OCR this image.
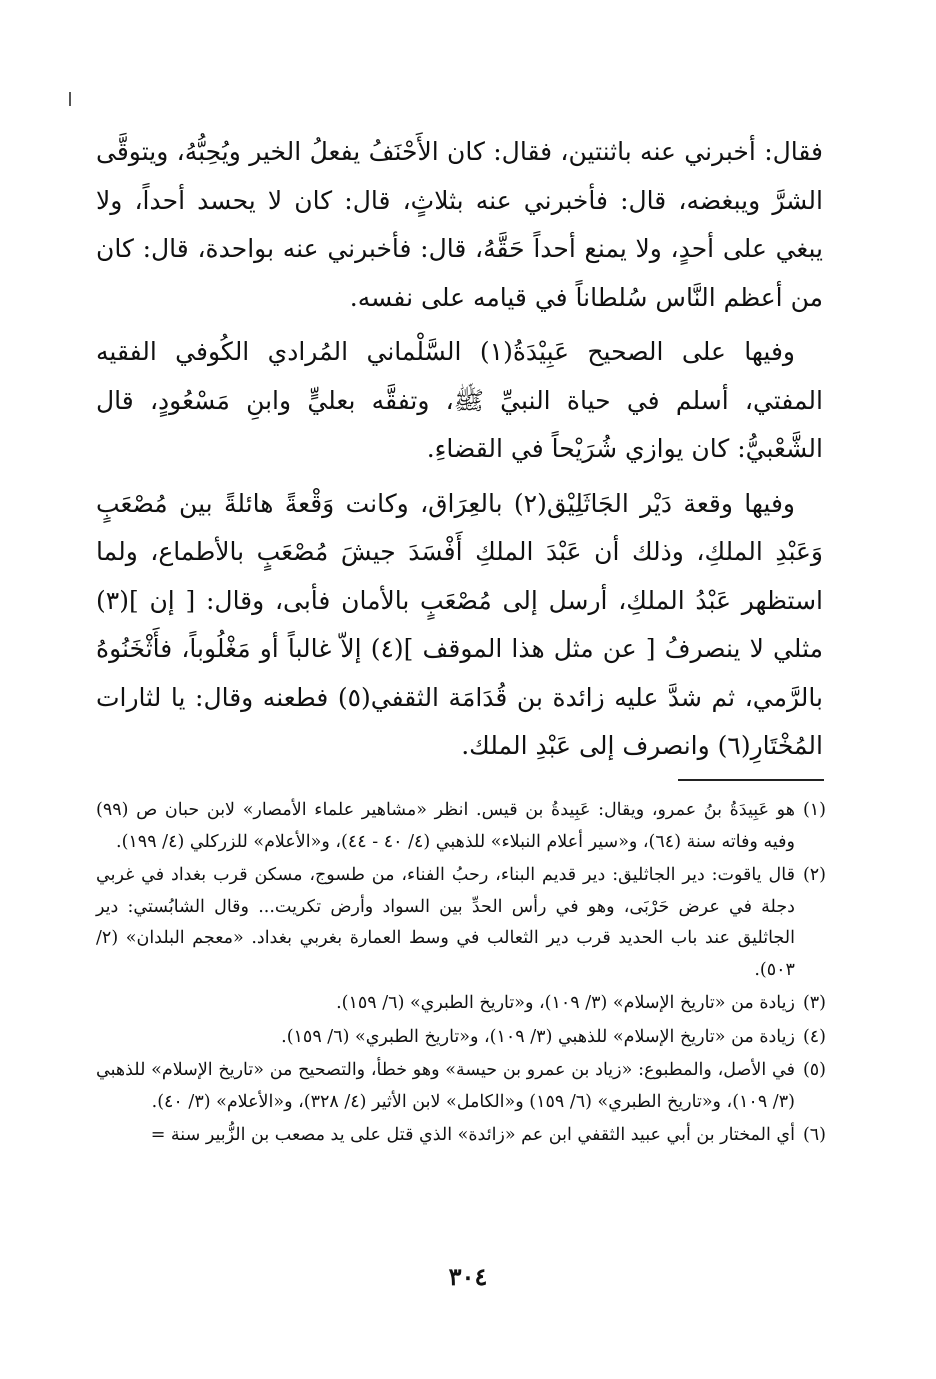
فقال: أخبرني عنه باثنتين، فقال: كان الأَحْنَفُ يفعلُ الخير ويُحِبُّهُ، ويتوقَّى الشرَّ ويبغضه، قال: فأخبرني عنه بثلاثٍ، قال: كان لا يحسد أحداً، ولا يبغي على أحدٍ، ولا يمنع أحداً حَقَّهُ، قال: فأخبرني عنه بواحدة، قال: كان من أعظم النَّاس سُلطاناً في قيامه على نفسه.

وفيها على الصحيح عَبِيْدَةُ(١) السَّلْماني المُرادي الكُوفي الفقيه المفتي، أسلم في حياة النبيِّ ﷺ، وتفقَّه بعليٍّ وابنِ مَسْعُودٍ، قال الشَّعْبيُّ: كان يوازي شُرَيْحاً في القضاءِ.

وفيها وقعة دَيْر الجَاثَلِيْق(٢) بالعِرَاق، وكانت وَقْعةً هائلةً بين مُصْعَبٍ وَعَبْدِ الملكِ، وذلك أن عَبْدَ الملكِ أَفْسَدَ جيشَ مُصْعَبٍ بالأطماع، ولما استظهر عَبْدُ الملكِ، أرسل إلى مُصْعَبٍ بالأمان فأبى، وقال: [ إن ](٣) مثلي لا ينصرفُ [ عن مثل هذا الموقف ](٤) إلاّ غالباً أو مَغْلُوباً، فأَثْخَنُوهُ بالرَّمي، ثم شدَّ عليه زائدة بن قُدَامَة الثقفي(٥) فطعنه وقال: يا لثارات المُخْتَارِ(٦) وانصرف إلى عَبْدِ الملك.

(١)
هو عَبِيدَةُ بنُ عمرو، ويقال: عَبِيدةُ بن قيس. انظر «مشاهير علماء الأمصار» لابن حبان ص (٩٩) وفيه وفاته سنة (٦٤)، و«سير أعلام النبلاء» للذهبي (٤/ ٤٠ - ٤٤)، و«الأعلام» للزركلي (٤/ ١٩٩).
(٢)
قال ياقوت: دير الجاثليق: دير قديم البناء، رحبُ الفناء، من طسوج، مسكن قرب بغداد في غربي دجلة في عرض حَرْبَى، وهو في رأس الحدِّ بين السواد وأرض تكريت... وقال الشابُستي: دير الجاثليق عند باب الحديد قرب دير الثعالب في وسط العمارة بغربي بغداد. «معجم البلدان» (٢/ ٥٠٣).
(٣)
زيادة من «تاريخ الإسلام» (٣/ ١٠٩)، و«تاريخ الطبري» (٦/ ١٥٩).
(٤)
زيادة من «تاريخ الإسلام» للذهبي (٣/ ١٠٩)، و«تاريخ الطبري» (٦/ ١٥٩).
(٥)
في الأصل، والمطبوع: «زياد بن عمرو بن حيسة» وهو خطأ، والتصحيح من «تاريخ الإسلام» للذهبي (٣/ ١٠٩)، و«تاريخ الطبري» (٦/ ١٥٩) و«الكامل» لابن الأثير (٤/ ٣٢٨)، و«الأعلام» (٣/ ٤٠).
(٦)
أي المختار بن أبي عبيد الثقفي ابن عم «زائدة» الذي قتل على يد مصعب بن الزُّبير سنة =
٣٠٤
